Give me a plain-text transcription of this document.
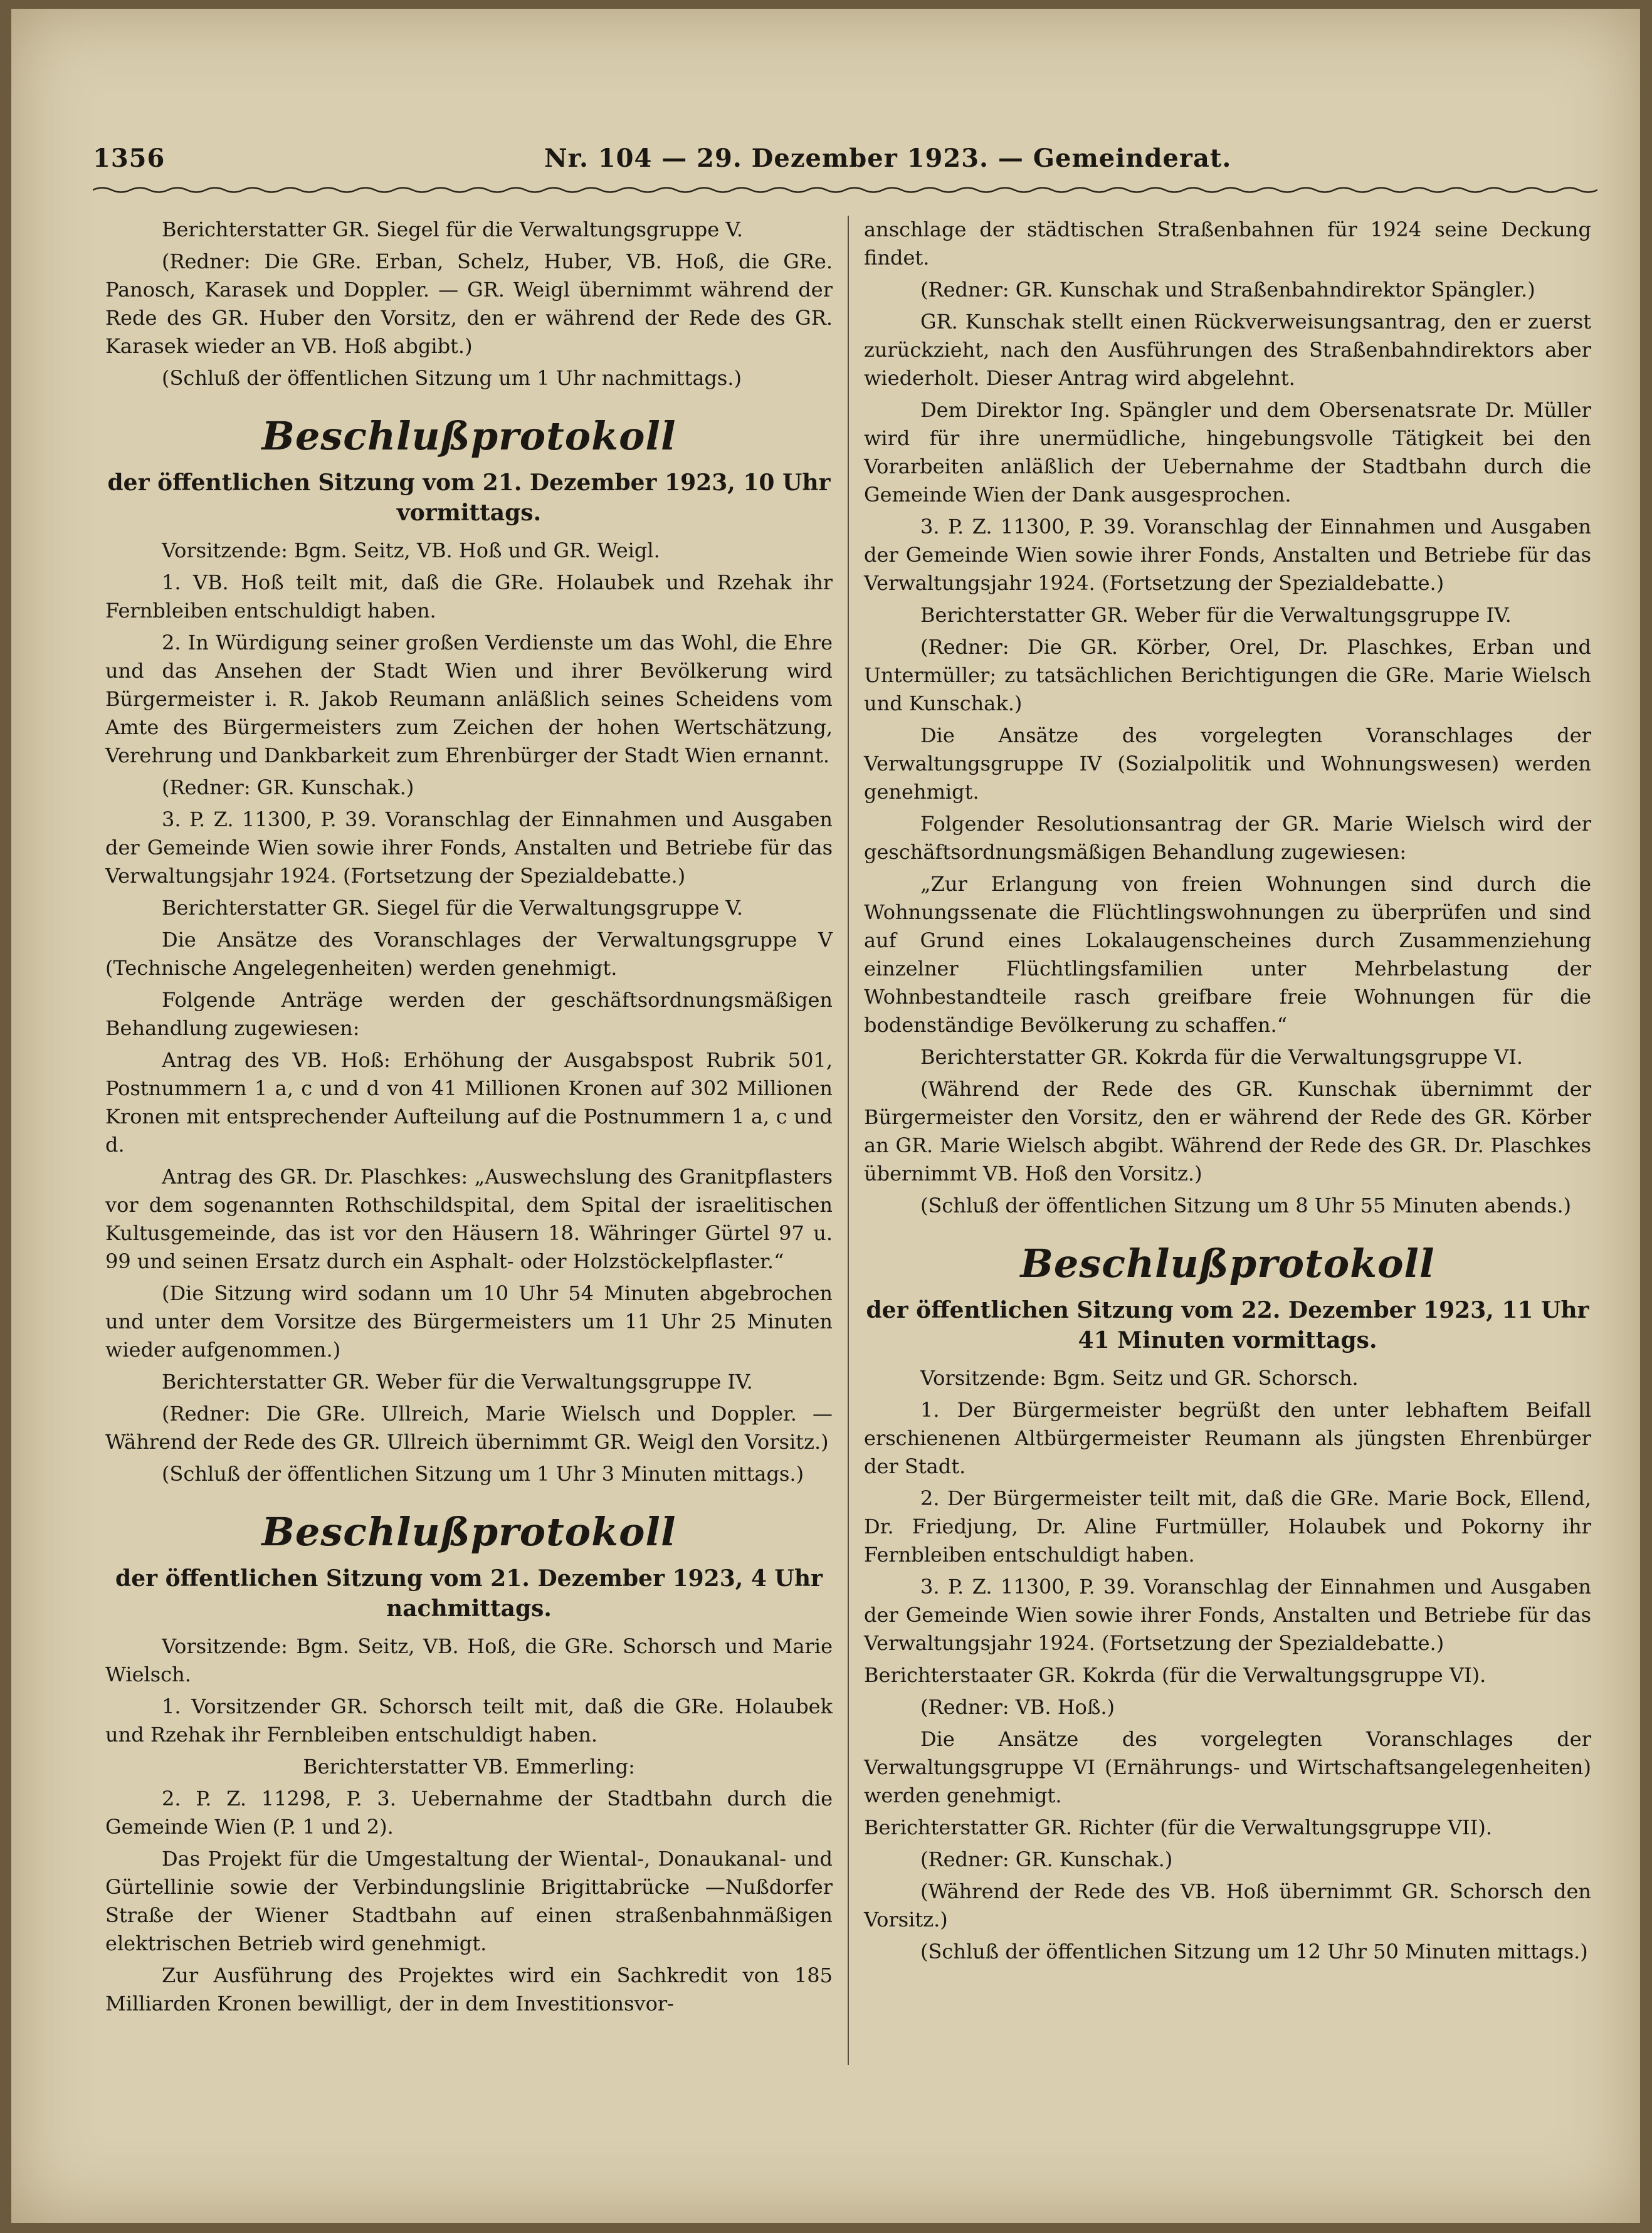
1356	Nr. 104 — 29. Dezember 1923. — Gemeinderat.

Berichterstatter GR. Siegel für die Verwaltungsgruppe V.

(Redner: Die GRe. Erban, Schelz, Huber, VB. Hoß, die GRe. Panosch, Karasek und Doppler. — GR. Weigl übernimmt während der Rede des GR. Huber den Vorsitz, den er während der Rede des GR. Karasek wieder an VB. Hoß abgibt.)

(Schluß der öffentlichen Sitzung um 1 Uhr nachmittags.)

Beschlußprotokoll
der öffentlichen Sitzung vom 21. Dezember 1923, 10 Uhr vormittags.

Vorsitzende: Bgm. Seitz, VB. Hoß und GR. Weigl.

1. VB. Hoß teilt mit, daß die GRe. Holaubek und Rzehak ihr Fernbleiben entschuldigt haben.

2. In Würdigung seiner großen Verdienste um das Wohl, die Ehre und das Ansehen der Stadt Wien und ihrer Bevölkerung wird Bürgermeister i. R. Jakob Reumann anläßlich seines Scheidens vom Amte des Bürgermeisters zum Zeichen der hohen Wertschätzung, Verehrung und Dankbarkeit zum Ehrenbürger der Stadt Wien ernannt.

(Redner: GR. Kunschak.)

3. P. Z. 11300, P. 39. Voranschlag der Einnahmen und Ausgaben der Gemeinde Wien sowie ihrer Fonds, Anstalten und Betriebe für das Verwaltungsjahr 1924. (Fortsetzung der Spezialdebatte.)

Berichterstatter GR. Siegel für die Verwaltungsgruppe V.

Die Ansätze des Voranschlages der Verwaltungsgruppe V (Technische Angelegenheiten) werden genehmigt.

Folgende Anträge werden der geschäftsordnungsmäßigen Behandlung zugewiesen:

Antrag des VB. Hoß: Erhöhung der Ausgabspost Rubrik 501, Postnummern 1 a, c und d von 41 Millionen Kronen auf 302 Millionen Kronen mit entsprechender Aufteilung auf die Postnummern 1 a, c und d.

Antrag des GR. Dr. Plaschkes: „Auswechslung des Granitpflasters vor dem sogenannten Rothschildspital, dem Spital der israelitischen Kultusgemeinde, das ist vor den Häusern 18. Währinger Gürtel 97 u. 99 und seinen Ersatz durch ein Asphalt- oder Holzstöckelpflaster.“

(Die Sitzung wird sodann um 10 Uhr 54 Minuten abgebrochen und unter dem Vorsitze des Bürgermeisters um 11 Uhr 25 Minuten wieder aufgenommen.)

Berichterstatter GR. Weber für die Verwaltungsgruppe IV.

(Redner: Die GRe. Ullreich, Marie Wielsch und Doppler. — Während der Rede des GR. Ullreich übernimmt GR. Weigl den Vorsitz.)

(Schluß der öffentlichen Sitzung um 1 Uhr 3 Minuten mittags.)

Beschlußprotokoll
der öffentlichen Sitzung vom 21. Dezember 1923, 4 Uhr nachmittags.

Vorsitzende: Bgm. Seitz, VB. Hoß, die GRe. Schorsch und Marie Wielsch.

1. Vorsitzender GR. Schorsch teilt mit, daß die GRe. Holaubek und Rzehak ihr Fernbleiben entschuldigt haben.

Berichterstatter VB. Emmerling:

2. P. Z. 11298, P. 3. Uebernahme der Stadtbahn durch die Gemeinde Wien (P. 1 und 2).

Das Projekt für die Umgestaltung der Wiental-, Donaukanal- und Gürtellinie sowie der Verbindungslinie Brigittabrücke —Nußdorfer Straße der Wiener Stadtbahn auf einen straßenbahnmäßigen elektrischen Betrieb wird genehmigt.

Zur Ausführung des Projektes wird ein Sachkredit von 185 Milliarden Kronen bewilligt, der in dem Investitionsvor-

anschlage der städtischen Straßenbahnen für 1924 seine Deckung findet.

(Redner: GR. Kunschak und Straßenbahndirektor Spängler.)

GR. Kunschak stellt einen Rückverweisungsantrag, den er zuerst zurückzieht, nach den Ausführungen des Straßenbahndirektors aber wiederholt. Dieser Antrag wird abgelehnt.

Dem Direktor Ing. Spängler und dem Obersenatsrate Dr. Müller wird für ihre unermüdliche, hingebungsvolle Tätigkeit bei den Vorarbeiten anläßlich der Uebernahme der Stadtbahn durch die Gemeinde Wien der Dank ausgesprochen.

3. P. Z. 11300, P. 39. Voranschlag der Einnahmen und Ausgaben der Gemeinde Wien sowie ihrer Fonds, Anstalten und Betriebe für das Verwaltungsjahr 1924. (Fortsetzung der Spezialdebatte.)

Berichterstatter GR. Weber für die Verwaltungsgruppe IV.

(Redner: Die GR. Körber, Orel, Dr. Plaschkes, Erban und Untermüller; zu tatsächlichen Berichtigungen die GRe. Marie Wielsch und Kunschak.)

Die Ansätze des vorgelegten Voranschlages der Verwaltungsgruppe IV (Sozialpolitik und Wohnungswesen) werden genehmigt.

Folgender Resolutionsantrag der GR. Marie Wielsch wird der geschäftsordnungsmäßigen Behandlung zugewiesen:

„Zur Erlangung von freien Wohnungen sind durch die Wohnungssenate die Flüchtlingswohnungen zu überprüfen und sind auf Grund eines Lokalaugenscheines durch Zusammenziehung einzelner Flüchtlingsfamilien unter Mehrbelastung der Wohnbestandteile rasch greifbare freie Wohnungen für die bodenständige Bevölkerung zu schaffen.“

Berichterstatter GR. Kokrda für die Verwaltungsgruppe VI.

(Während der Rede des GR. Kunschak übernimmt der Bürgermeister den Vorsitz, den er während der Rede des GR. Körber an GR. Marie Wielsch abgibt. Während der Rede des GR. Dr. Plaschkes übernimmt VB. Hoß den Vorsitz.)

(Schluß der öffentlichen Sitzung um 8 Uhr 55 Minuten abends.)

Beschlußprotokoll
der öffentlichen Sitzung vom 22. Dezember 1923, 11 Uhr 41 Minuten vormittags.

Vorsitzende: Bgm. Seitz und GR. Schorsch.

1. Der Bürgermeister begrüßt den unter lebhaftem Beifall erschienenen Altbürgermeister Reumann als jüngsten Ehrenbürger der Stadt.

2. Der Bürgermeister teilt mit, daß die GRe. Marie Bock, Ellend, Dr. Friedjung, Dr. Aline Furtmüller, Holaubek und Pokorny ihr Fernbleiben entschuldigt haben.

3. P. Z. 11300, P. 39. Voranschlag der Einnahmen und Ausgaben der Gemeinde Wien sowie ihrer Fonds, Anstalten und Betriebe für das Verwaltungsjahr 1924. (Fortsetzung der Spezialdebatte.)

Berichterstaater GR. Kokrda (für die Verwaltungsgruppe VI).

(Redner: VB. Hoß.)

Die Ansätze des vorgelegten Voranschlages der Verwaltungsgruppe VI (Ernährungs- und Wirtschaftsangelegenheiten) werden genehmigt.

Berichterstatter GR. Richter (für die Verwaltungsgruppe VII).

(Redner: GR. Kunschak.)

(Während der Rede des VB. Hoß übernimmt GR. Schorsch den Vorsitz.)

(Schluß der öffentlichen Sitzung um 12 Uhr 50 Minuten mittags.)
